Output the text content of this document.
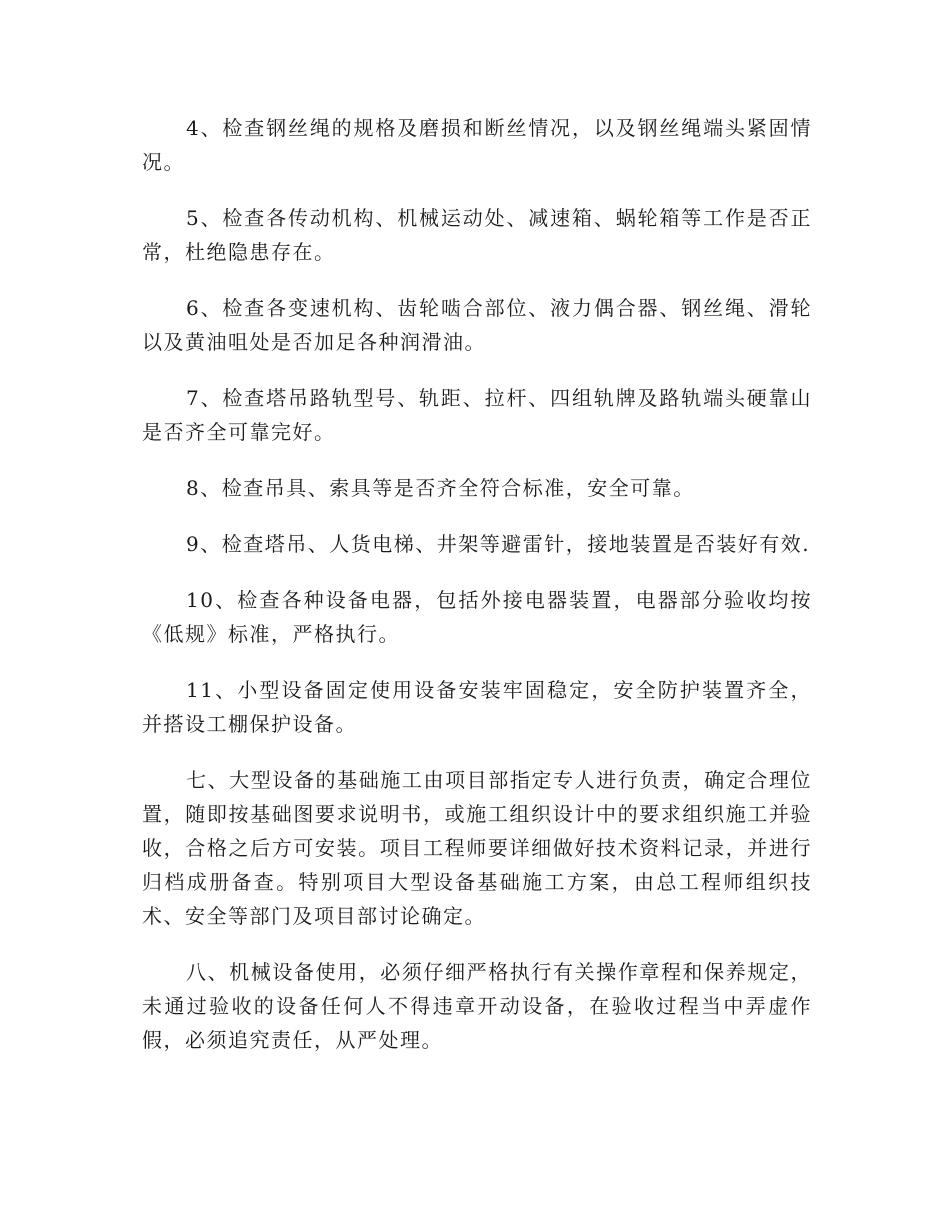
4、检查钢丝绳的规格及磨损和断丝情况，以及钢丝绳端头紧固情况。

5、检查各传动机构、机械运动处、减速箱、蜗轮箱等工作是否正常，杜绝隐患存在。

6、检查各变速机构、齿轮啮合部位、液力偶合器、钢丝绳、滑轮以及黄油咀处是否加足各种润滑油。

7、检查塔吊路轨型号、轨距、拉杆、四组轨牌及路轨端头硬靠山是否齐全可靠完好。

8、检查吊具、索具等是否齐全符合标准，安全可靠。

9、检查塔吊、人货电梯、井架等避雷针，接地装置是否装好有效.

10、检查各种设备电器，包括外接电器装置，电器部分验收均按《低规》标准，严格执行。

11、小型设备固定使用设备安装牢固稳定，安全防护装置齐全，并搭设工棚保护设备。

七、大型设备的基础施工由项目部指定专人进行负责，确定合理位置，随即按基础图要求说明书，或施工组织设计中的要求组织施工并验收，合格之后方可安装。项目工程师要详细做好技术资料记录，并进行归档成册备查。特别项目大型设备基础施工方案，由总工程师组织技术、安全等部门及项目部讨论确定。

八、机械设备使用，必须仔细严格执行有关操作章程和保养规定，未通过验收的设备任何人不得违章开动设备，在验收过程当中弄虚作假，必须追究责任，从严处理。
